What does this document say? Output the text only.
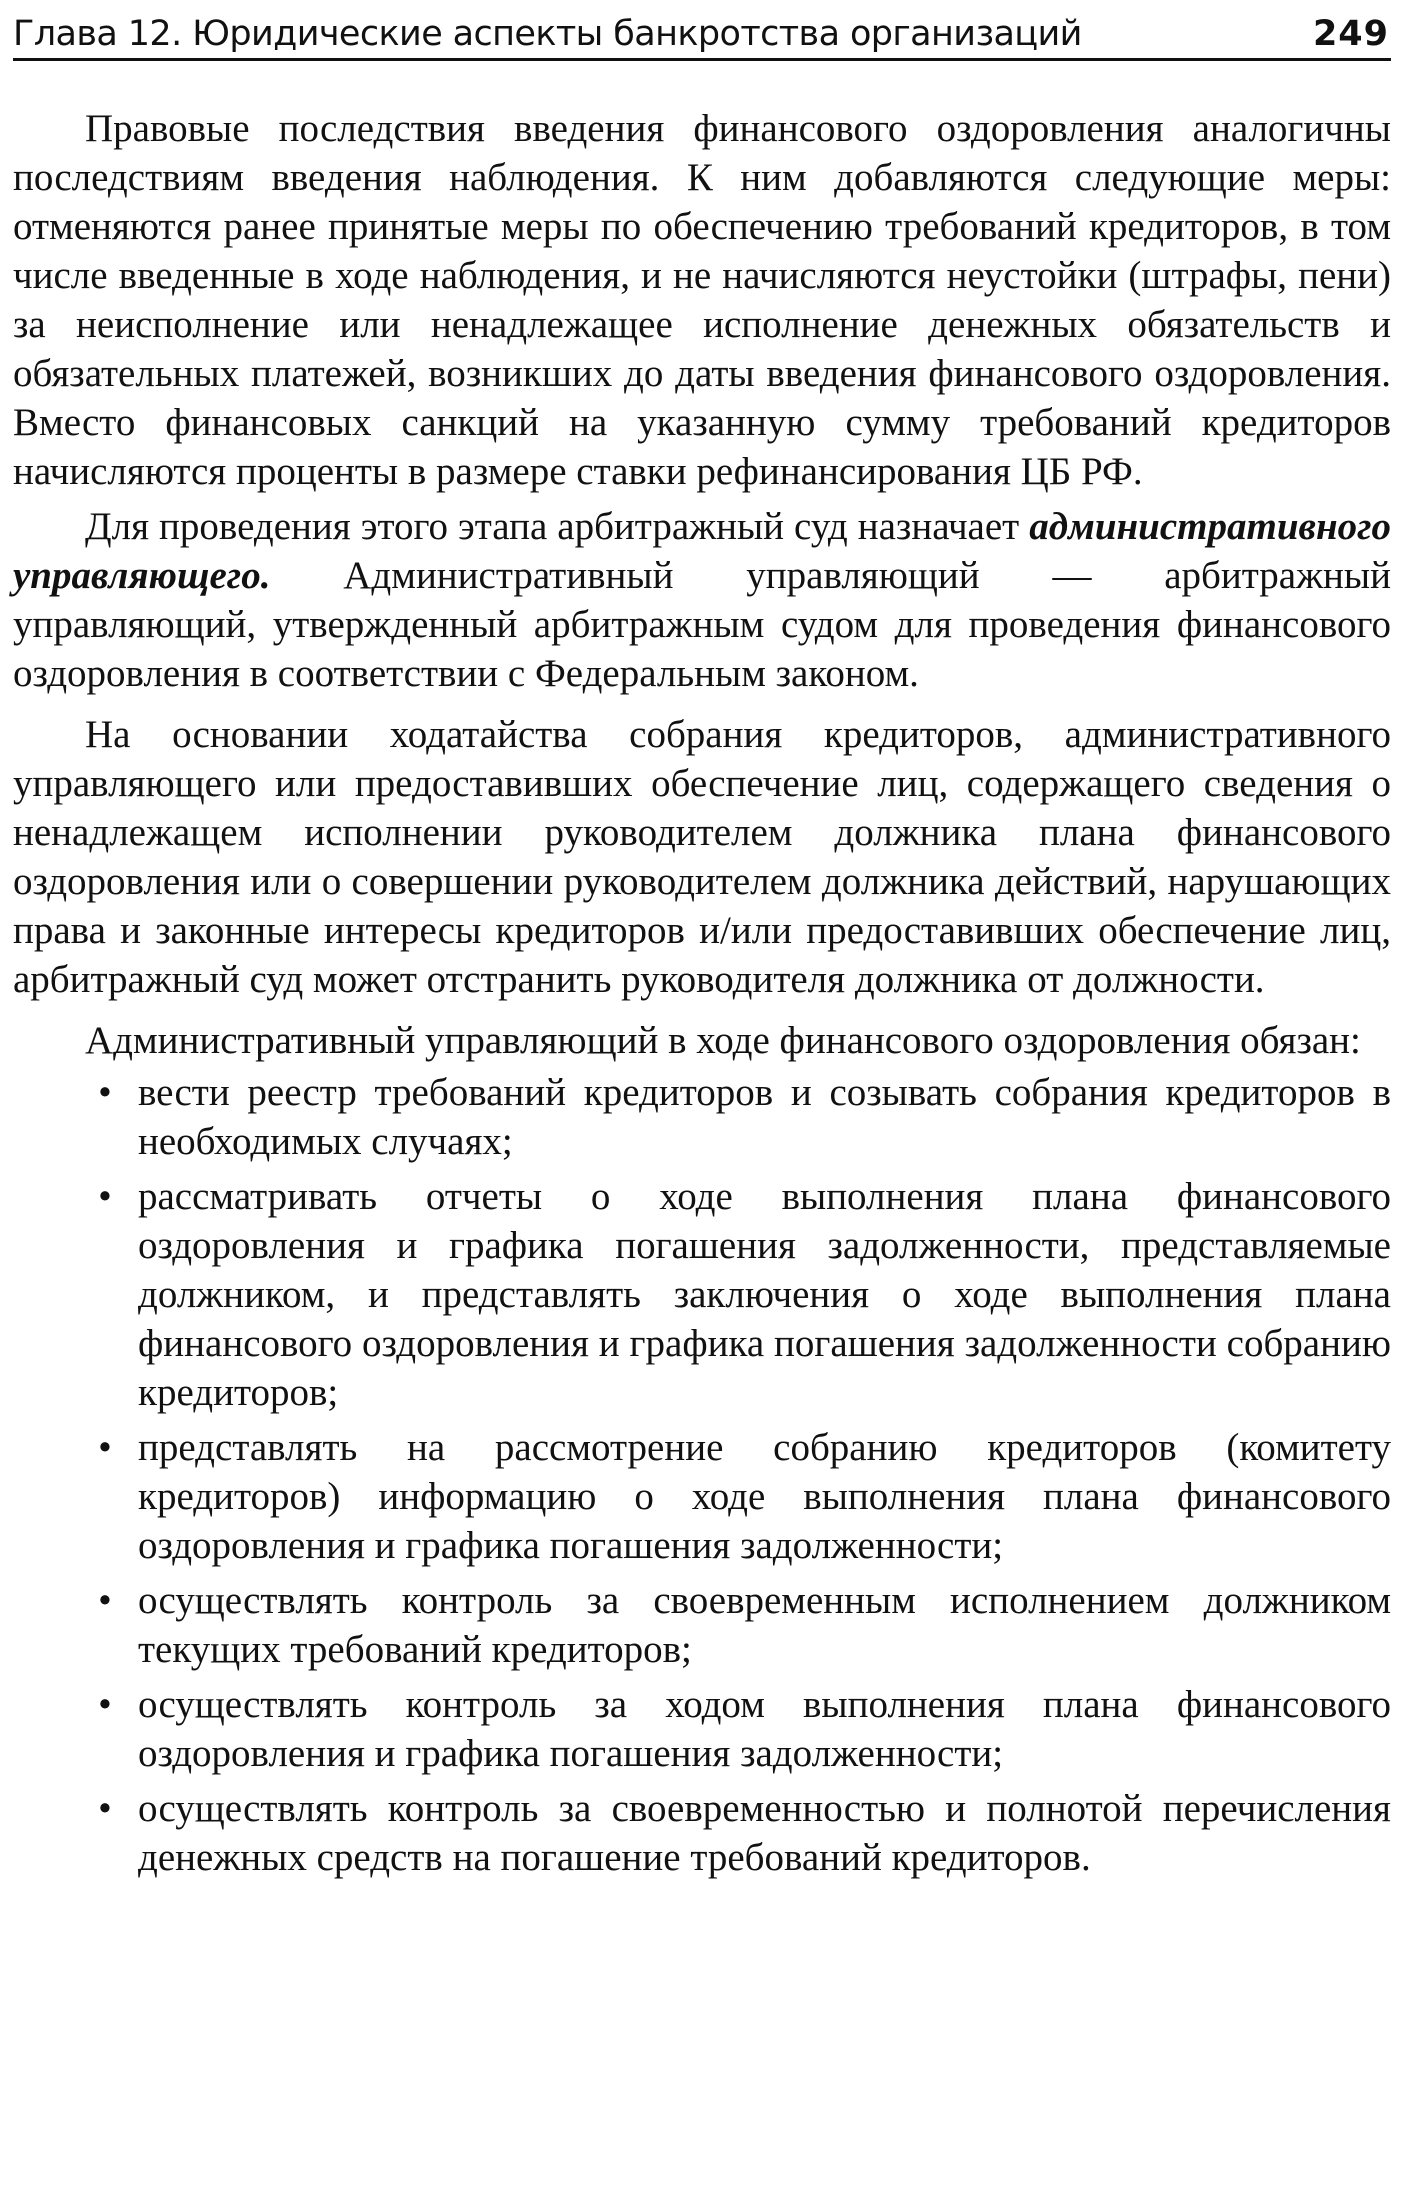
Глава 12. Юридические аспекты банкротства организаций	249

Правовые последствия введения финансового оздоровления аналогичны последствиям введения наблюдения. К ним добавляются следующие меры: отменяются ранее принятые меры по обеспечению требований кредиторов, в том числе введенные в ходе наблюдения, и не начисляются неустойки (штрафы, пени) за неисполнение или ненадлежащее исполнение денежных обязательств и обязательных платежей, возникших до даты введения финансового оздоровления. Вместо финансовых санкций на указанную сумму требований кредиторов начисляются проценты в размере ставки рефинансирования ЦБ РФ.

Для проведения этого этапа арбитражный суд назначает административного управляющего. Административный управляющий — арбитражный управляющий, утвержденный арбитражным судом для проведения финансового оздоровления в соответствии с Федеральным законом.

На основании ходатайства собрания кредиторов, административного управляющего или предоставивших обеспечение лиц, содержащего сведения о ненадлежащем исполнении руководителем должника плана финансового оздоровления или о совершении руководителем должника действий, нарушающих права и законные интересы кредиторов и/или предоставивших обеспечение лиц, арбитражный суд может отстранить руководителя должника от должности.

Административный управляющий в ходе финансового оздоровления обязан:

• вести реестр требований кредиторов и созывать собрания кредиторов в необходимых случаях;
• рассматривать отчеты о ходе выполнения плана финансового оздоровления и графика погашения задолженности, представляемые должником, и представлять заключения о ходе выполнения плана финансового оздоровления и графика погашения задолженности собранию кредиторов;
• представлять на рассмотрение собранию кредиторов (комитету кредиторов) информацию о ходе выполнения плана финансового оздоровления и графика погашения задолженности;
• осуществлять контроль за своевременным исполнением должником текущих требований кредиторов;
• осуществлять контроль за ходом выполнения плана финансового оздоровления и графика погашения задолженности;
• осуществлять контроль за своевременностью и полнотой перечисления денежных средств на погашение требований кредиторов.
